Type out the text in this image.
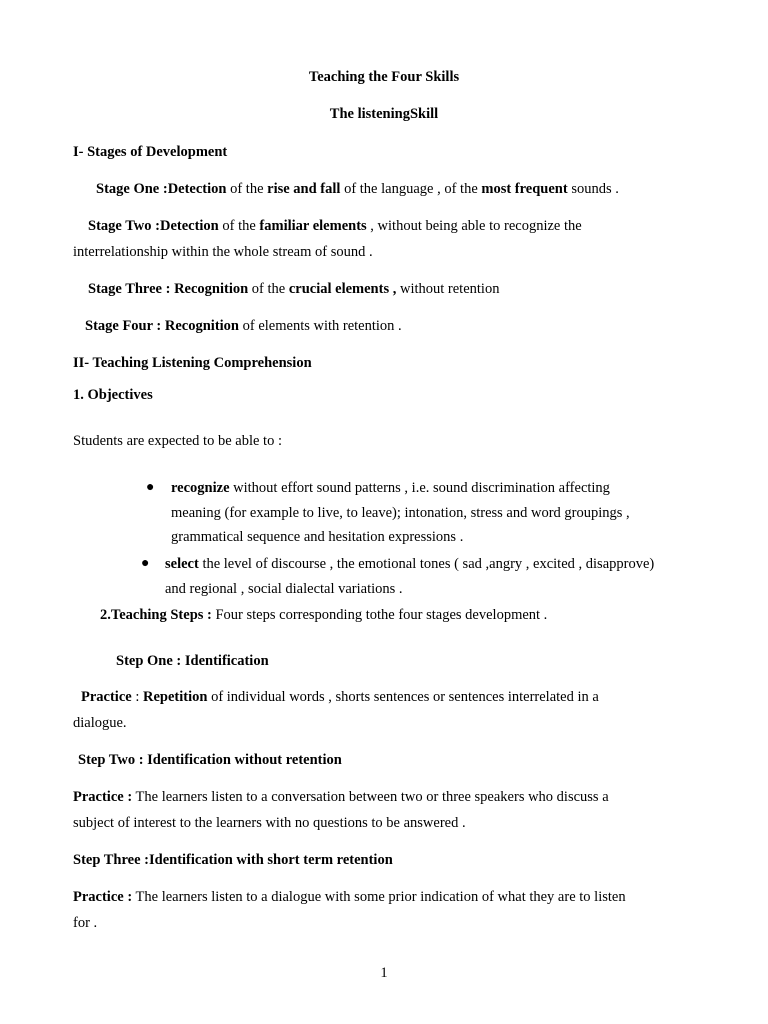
Teaching the Four Skills
The listeningSkill
I- Stages of Development
Stage One :Detection of the rise and fall of the language , of the most frequent sounds .
Stage Two :Detection of the familiar elements , without being able to recognize the
interrelationship within the whole stream of sound .
Stage Three : Recognition of the crucial elements , without retention
Stage Four : Recognition of elements with retention .
II- Teaching Listening Comprehension
1. Objectives
Students are expected to be able to :
● recognize without effort sound patterns , i.e. sound discrimination affecting
meaning (for example to live, to leave); intonation, stress and word groupings ,
grammatical sequence and hesitation expressions .
● select the level of discourse , the emotional tones ( sad ,angry , excited , disapprove)
and regional , social dialectal variations .
2.Teaching Steps : Four steps corresponding tothe four stages development .
Step One : Identification
Practice : Repetition of individual words , shorts sentences or sentences interrelated in a
dialogue.
Step Two : Identification without retention
Practice : The learners listen to a conversation between two or three speakers who discuss a
subject of interest to the learners with no questions to be answered .
Step Three :Identification with short term retention
Practice : The learners listen to a dialogue with some prior indication of what they are to listen
for .
1
